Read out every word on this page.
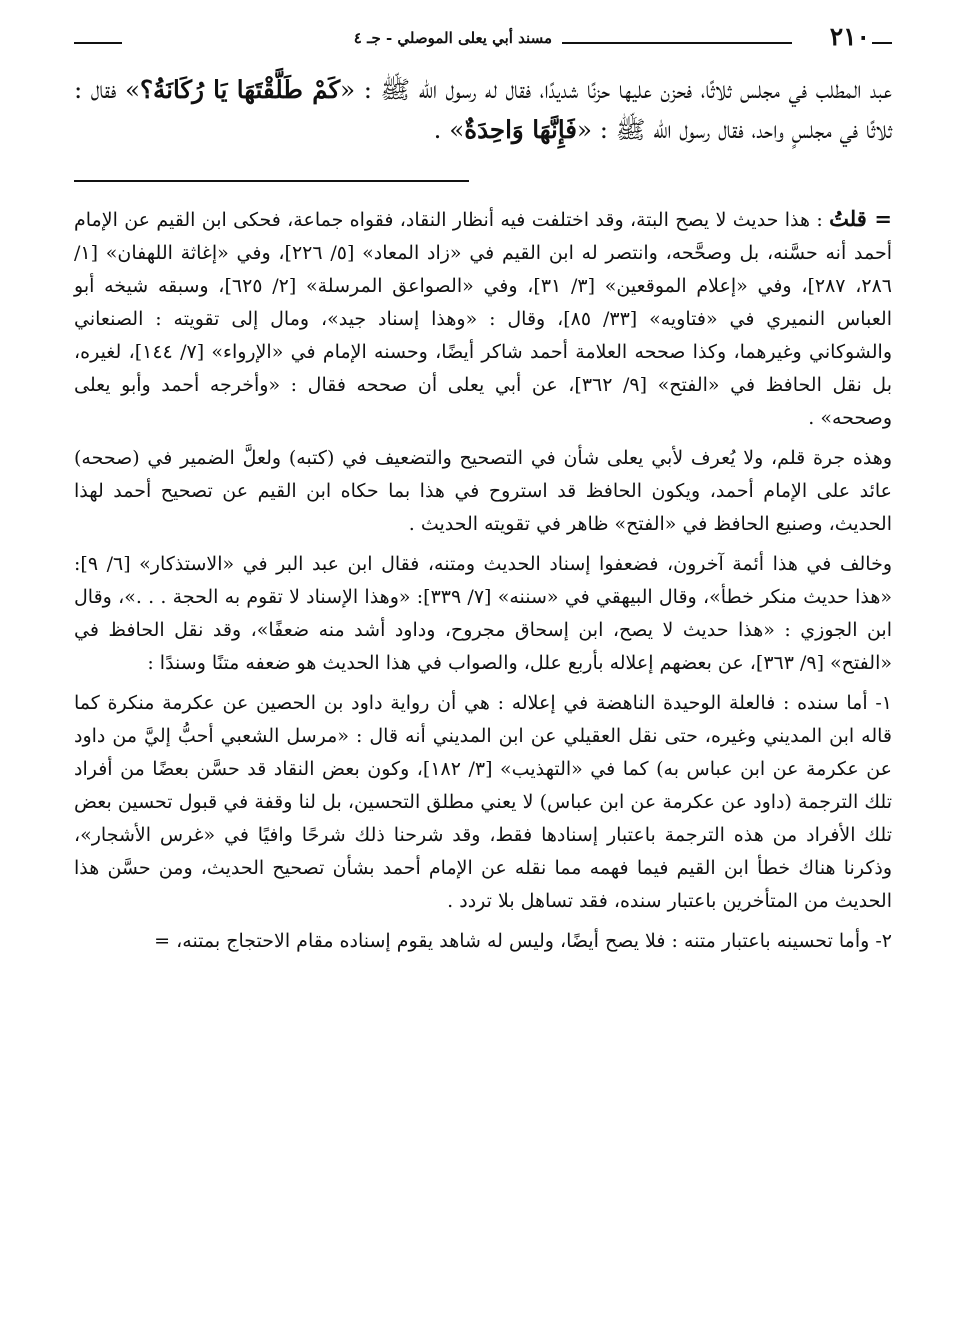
٢١٠
مسند أبي يعلى الموصلي - جـ ٤
عبد المطلب في مجلس ثلاثًا، فحزن عليها حزنًا شديدًا، فقال له رسول الله ﷺ : «كَمْ طَلَّقْتَهَا يَا رُكَانَةُ؟» فقال : ثلاثًا في مجلسٍ واحد، فقال رسول الله ﷺ : «فَإِنَّهَا وَاحِدَةٌ» .

= قلتُ : هذا حديث لا يصح البتة، وقد اختلفت فيه أنظار النقاد، فقواه جماعة، فحكى ابن القيم عن الإمام أحمد أنه حسَّنه، بل وصحَّحه، وانتصر له ابن القيم في «زاد المعاد» [٥/ ٢٢٦]، وفي «إغاثة اللهفان» [١/ ٢٨٦، ٢٨٧]، وفي «إعلام الموقعين» [٣/ ٣١]، وفي «الصواعق المرسلة» [٢/ ٦٢٥]، وسبقه شيخه أبو العباس النميري في «فتاويه» [٣٣/ ٨٥]، وقال : «وهذا إسناد جيد»، ومال إلى تقويته : الصنعاني والشوكاني وغيرهما، وكذا صححه العلامة أحمد شاكر أيضًا، وحسنه الإمام في «الإرواء» [٧/ ١٤٤]، لغيره، بل نقل الحافظ في «الفتح» [٩/ ٣٦٢]، عن أبي يعلى أن صححه فقال : «وأخرجه أحمد وأبو يعلى وصححه» .

وهذه جرة قلم، ولا يُعرف لأبي يعلى شأن في التصحيح والتضعيف في (كتبه) ولعلَّ الضمير في (صححه) عائد على الإمام أحمد، ويكون الحافظ قد استروح في هذا بما حكاه ابن القيم عن تصحيح أحمد لهذا الحديث، وصنيع الحافظ في «الفتح» ظاهر في تقويته الحديث .

وخالف في هذا أئمة آخرون، فضعفوا إسناد الحديث ومتنه، فقال ابن عبد البر في «الاستذكار» [٦/ ٩]: «هذا حديث منكر خطأ»، وقال البيهقي في «سننه» [٧/ ٣٣٩]: «وهذا الإسناد لا تقوم به الحجة . . .»، وقال ابن الجوزي : «هذا حديث لا يصح، ابن إسحاق مجروح، وداود أشد منه ضعفًا»، وقد نقل الحافظ في «الفتح» [٩/ ٣٦٣]، عن بعضهم إعلاله بأربع علل، والصواب في هذا الحديث هو ضعفه متنًا وسندًا :

١- أما سنده : فالعلة الوحيدة الناهضة في إعلاله : هي أن رواية داود بن الحصين عن عكرمة منكرة كما قاله ابن المديني وغيره، حتى نقل العقيلي عن ابن المديني أنه قال : «مرسل الشعبي أحبُّ إليَّ من داود عن عكرمة عن ابن عباس به) كما في «التهذيب» [٣/ ١٨٢]، وكون بعض النقاد قد حسَّن بعضًا من أفراد تلك الترجمة (داود عن عكرمة عن ابن عباس) لا يعني مطلق التحسين، بل لنا وقفة في قبول تحسين بعض تلك الأفراد من هذه الترجمة باعتبار إسنادها فقط، وقد شرحنا ذلك شرحًا وافيًا في «غرس الأشجار»، وذكرنا هناك خطأ ابن القيم فيما فهمه مما نقله عن الإمام أحمد بشأن تصحيح الحديث، ومن حسَّن هذا الحديث من المتأخرين باعتبار سنده، فقد تساهل بلا تردد .

٢- وأما تحسينه باعتبار متنه : فلا يصح أيضًا، وليس له شاهد يقوم إسناده مقام الاحتجاج بمتنه، =
